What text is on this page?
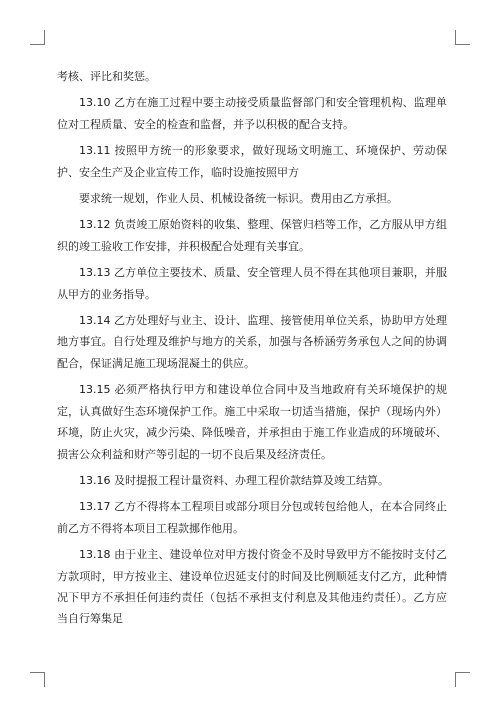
考核、评比和奖惩。

13.10 乙方在施工过程中要主动接受质量监督部门和安全管理机构、监理单位对工程质量、安全的检查和监督，并予以积极的配合支持。

13.11 按照甲方统一的形象要求，做好现场文明施工、环境保护、劳动保护、安全生产及企业宣传工作，临时设施按照甲方

要求统一规划，作业人员、机械设备统一标识。费用由乙方承担。

13.12 负责竣工原始资料的收集、整理、保管归档等工作，乙方服从甲方组织的竣工验收工作安排，并积极配合处理有关事宜。

13.13 乙方单位主要技术、质量、安全管理人员不得在其他项目兼职，并服从甲方的业务指导。

13.14 乙方处理好与业主、设计、监理、接管使用单位关系，协助甲方处理地方事宜。自行处理及维护与地方的关系，加强与各桥涵劳务承包人之间的协调配合，保证满足施工现场混凝土的供应。

13.15 必须严格执行甲方和建设单位合同中及当地政府有关环境保护的规定，认真做好生态环境保护工作。施工中采取一切适当措施，保护（现场内外）环境，防止火灾，减少污染、降低噪音，并承担由于施工作业造成的环境破坏、损害公众利益和财产等引起的一切不良后果及经济责任。

13.16 及时提报工程计量资料、办理工程价款结算及竣工结算。

13.17 乙方不得将本工程项目或部分项目分包或转包给他人，在本合同终止前乙方不得将本项目工程款挪作他用。

13.18 由于业主、建设单位对甲方拨付资金不及时导致甲方不能按时支付乙方款项时，甲方按业主、建设单位迟延支付的时间及比例顺延支付乙方，此种情况下甲方不承担任何违约责任（包括不承担支付利息及其他违约责任）。乙方应当自行筹集足
